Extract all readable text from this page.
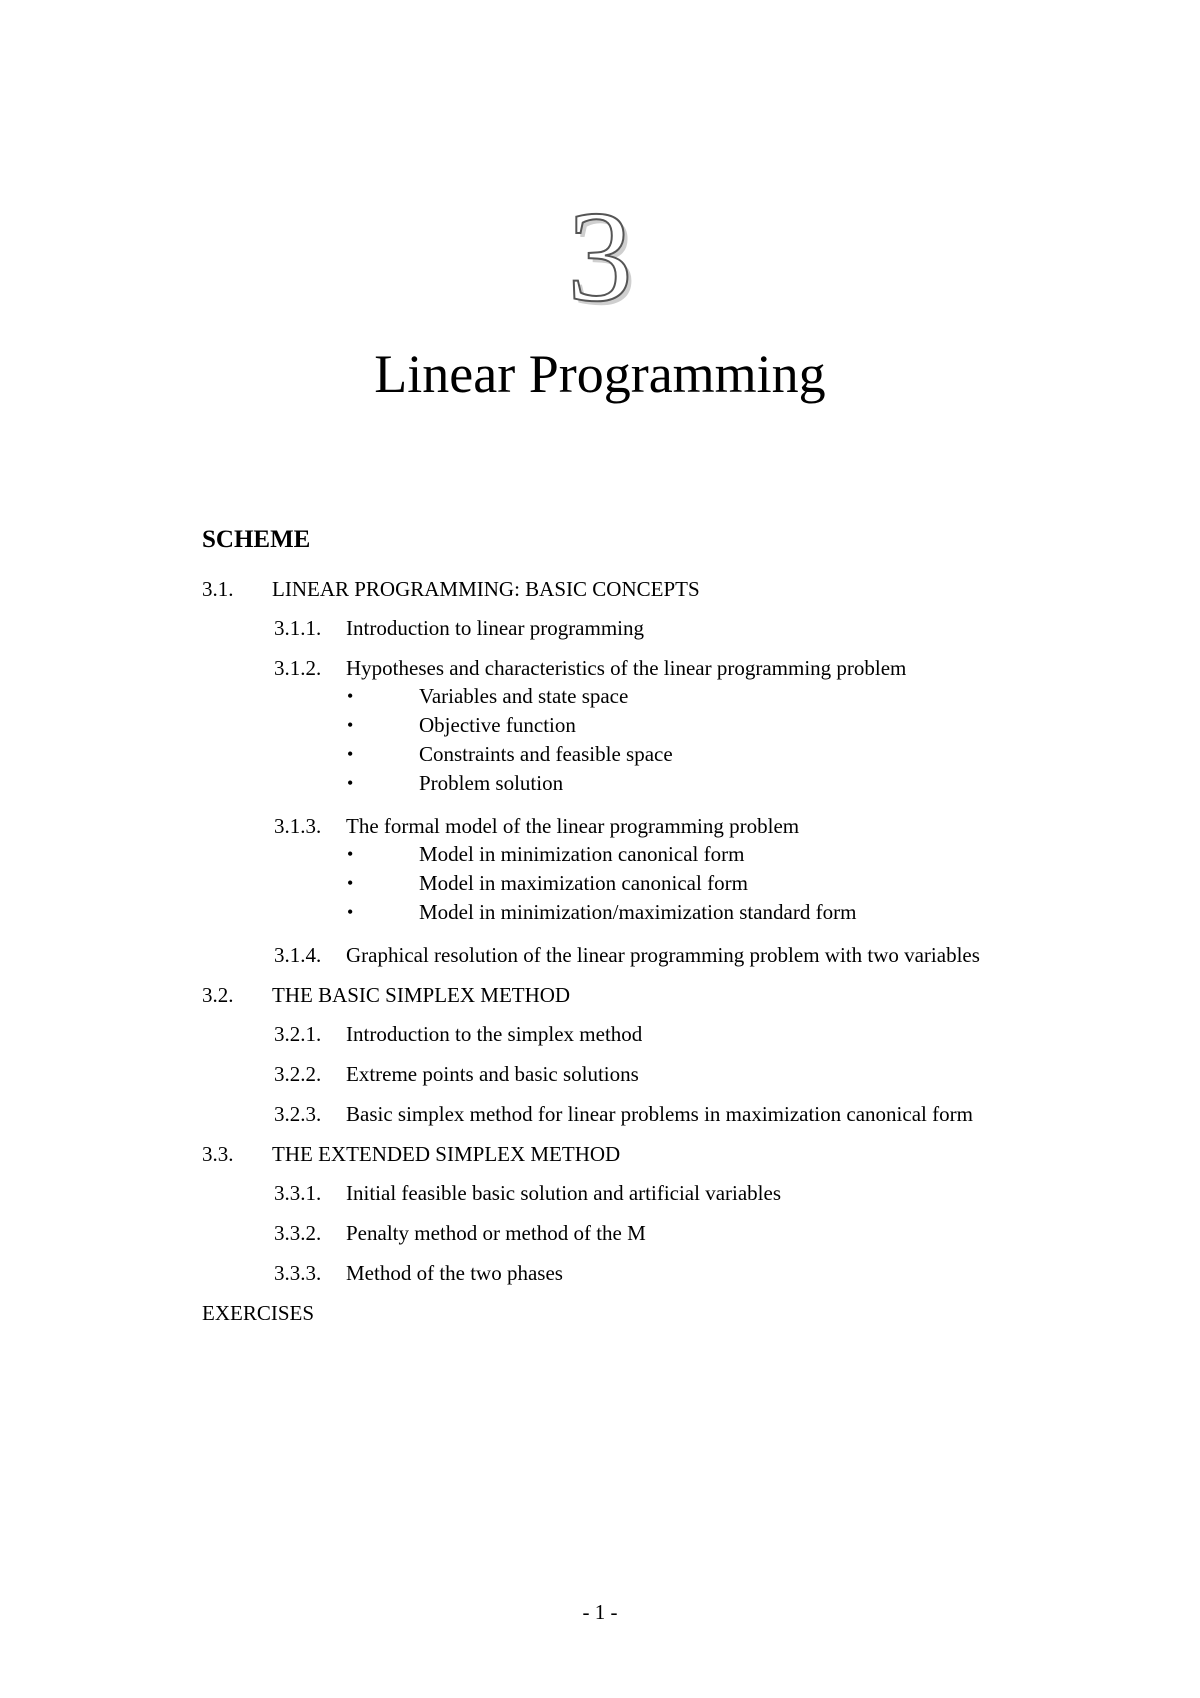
3
Linear Programming
SCHEME
3.1.	LINEAR PROGRAMMING: BASIC CONCEPTS
3.1.1.	Introduction to linear programming
3.1.2.	Hypotheses and characteristics of the linear programming problem
•	Variables and state space
•	Objective function
•	Constraints and feasible space
•	Problem solution
3.1.3.	The formal model of the linear programming problem
•	Model in minimization canonical form
•	Model in maximization canonical form
•	Model in minimization/maximization standard form
3.1.4.	Graphical resolution of the linear programming problem with two variables
3.2.	THE BASIC SIMPLEX METHOD
3.2.1.	Introduction to the simplex method
3.2.2.	Extreme points and basic solutions
3.2.3.	Basic simplex method for linear problems in maximization canonical form
3.3.	THE EXTENDED SIMPLEX METHOD
3.3.1.	Initial feasible basic solution and artificial variables
3.3.2.	Penalty method or method of the M
3.3.3.	Method of the two phases
EXERCISES
- 1 -
